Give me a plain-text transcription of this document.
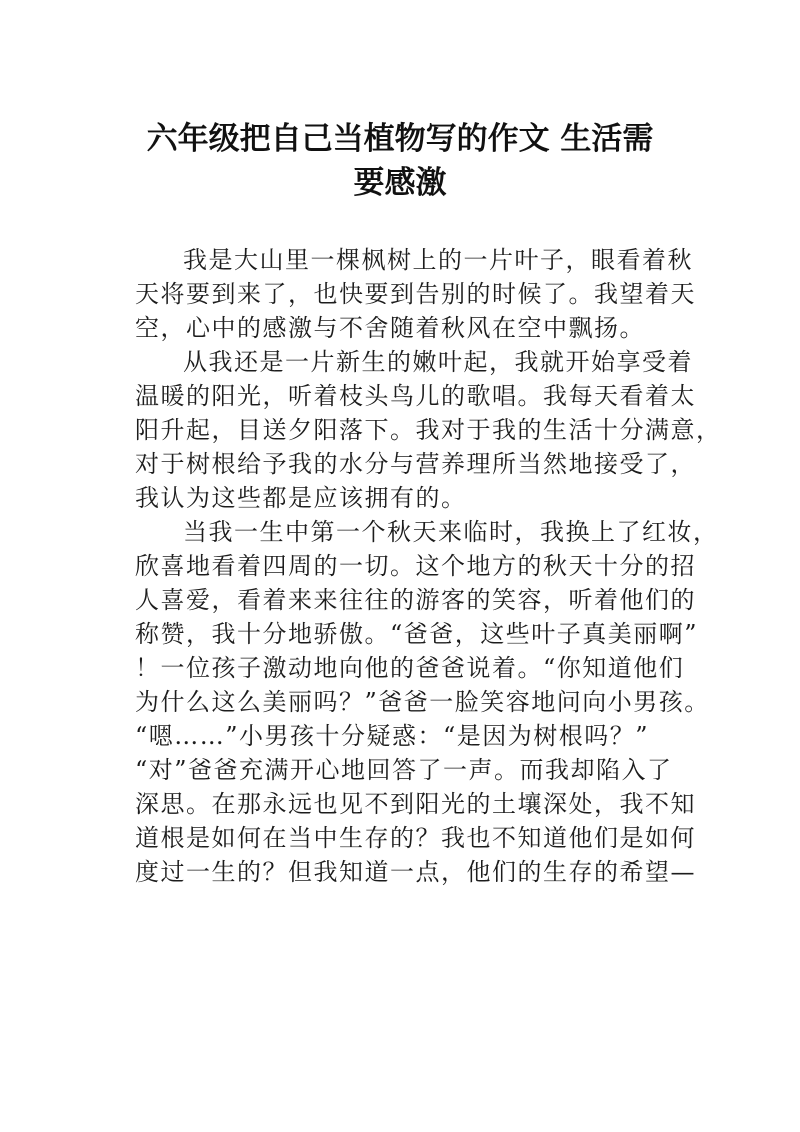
六年级把自己当植物写的作文 生活需
要感激
我是大山里一棵枫树上的一片叶子，眼看着秋
天将要到来了，也快要到告别的时候了。我望着天
空，心中的感激与不舍随着秋风在空中飘扬。
从我还是一片新生的嫩叶起，我就开始享受着
温暖的阳光，听着枝头鸟儿的歌唱。我每天看着太
阳升起，目送夕阳落下。我对于我的生活十分满意，
对于树根给予我的水分与营养理所当然地接受了，
我认为这些都是应该拥有的。
当我一生中第一个秋天来临时，我换上了红妆，
欣喜地看着四周的一切。这个地方的秋天十分的招
人喜爱，看着来来往往的游客的笑容，听着他们的
称赞，我十分地骄傲。“爸爸，这些叶子真美丽啊”
！一位孩子激动地向他的爸爸说着。“你知道他们
为什么这么美丽吗？”爸爸一脸笑容地问向小男孩。
“嗯……”小男孩十分疑惑：“是因为树根吗？”
“对”爸爸充满开心地回答了一声。而我却陷入了
深思。在那永远也见不到阳光的土壤深处，我不知
道根是如何在当中生存的？我也不知道他们是如何
度过一生的？但我知道一点，他们的生存的希望—
